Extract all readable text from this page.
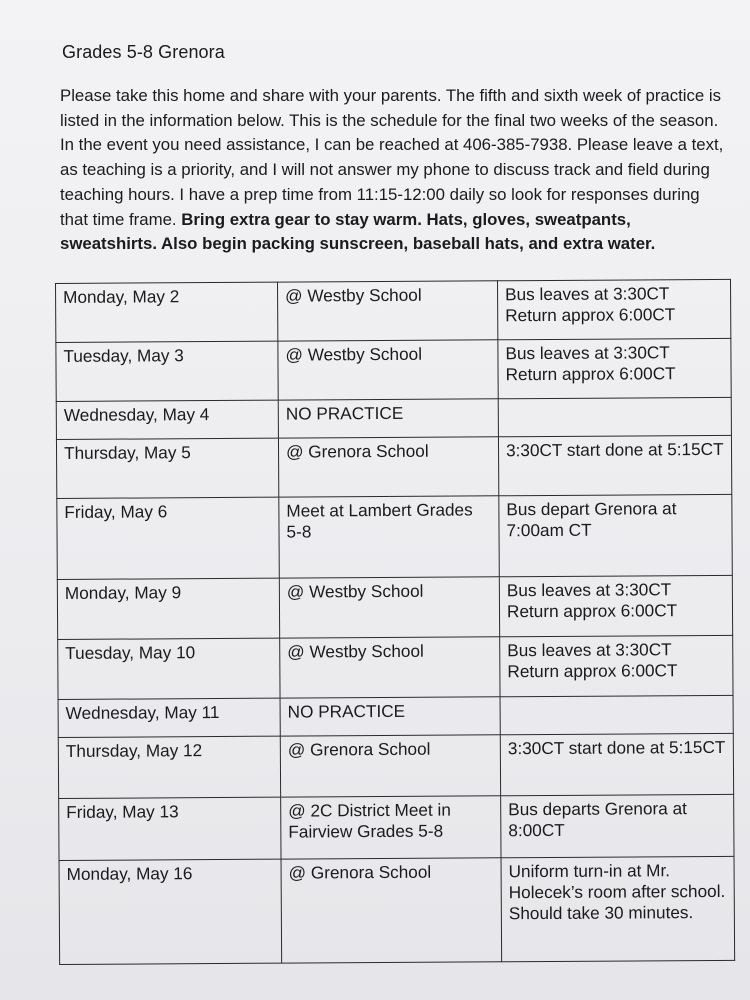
Grades 5-8 Grenora
Please take this home and share with your parents. The fifth and sixth week of practice is listed in the information below. This is the schedule for the final two weeks of the season. In the event you need assistance, I can be reached at 406-385-7938. Please leave a text, as teaching is a priority, and I will not answer my phone to discuss track and field during teaching hours. I have a prep time from 11:15-12:00 daily so look for responses during that time frame. Bring extra gear to stay warm. Hats, gloves, sweatpants, sweatshirts. Also begin packing sunscreen, baseball hats, and extra water.
Monday, May 2	@ Westby School	Bus leaves at 3:30CT Return approx 6:00CT
Tuesday, May 3	@ Westby School	Bus leaves at 3:30CT Return approx 6:00CT
Wednesday, May 4	NO PRACTICE	
Thursday, May 5	@ Grenora School	3:30CT start done at 5:15CT
Friday, May 6	Meet at Lambert Grades 5-8	Bus depart Grenora at 7:00am CT
Monday, May 9	@ Westby School	Bus leaves at 3:30CT Return approx 6:00CT
Tuesday, May 10	@ Westby School	Bus leaves at 3:30CT Return approx 6:00CT
Wednesday, May 11	NO PRACTICE	
Thursday, May 12	@ Grenora School	3:30CT start done at 5:15CT
Friday, May 13	@ 2C District Meet in Fairview Grades 5-8	Bus departs Grenora at 8:00CT
Monday, May 16	@ Grenora School	Uniform turn-in at Mr. Holecek’s room after school. Should take 30 minutes.
